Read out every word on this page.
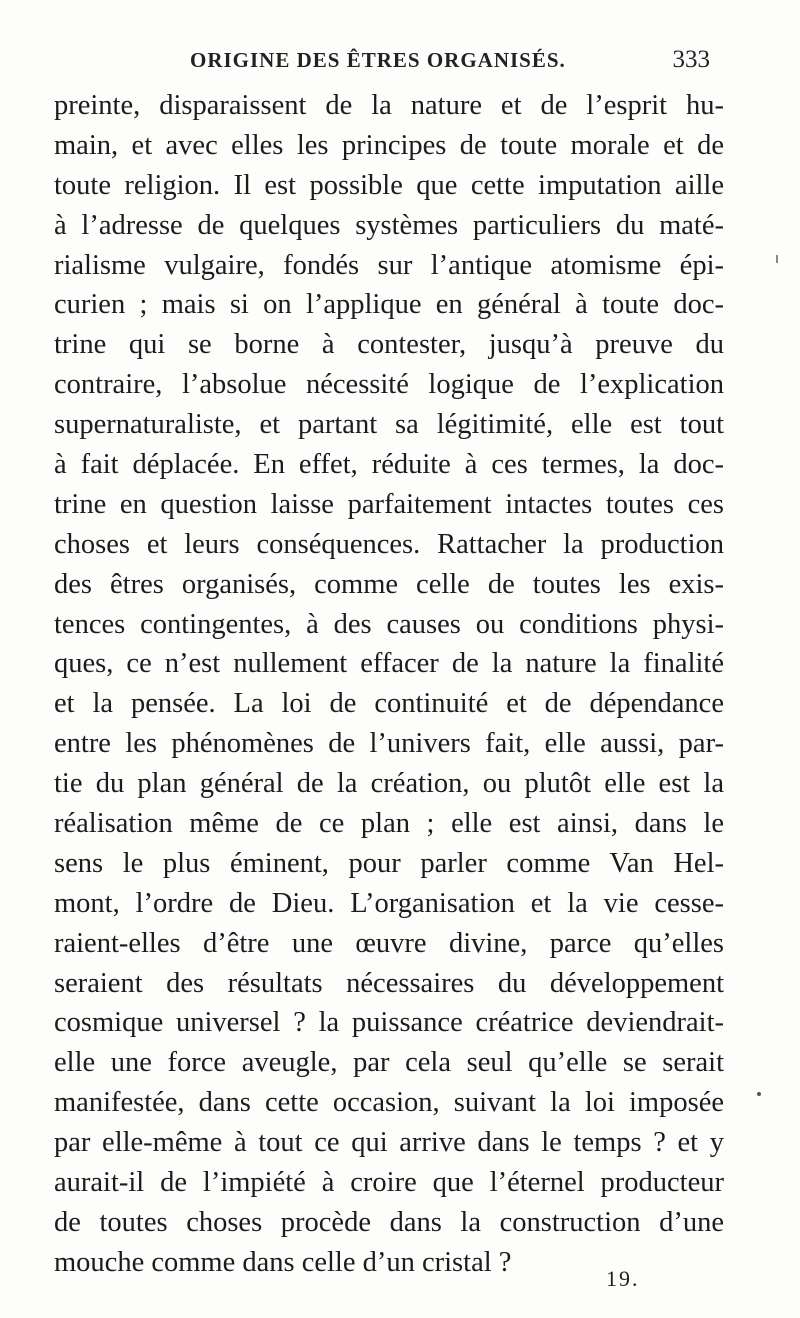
ORIGINE DES ÊTRES ORGANISÉS.	333
preinte, disparaissent de la nature et de l’esprit hu-
main, et avec elles les principes de toute morale et de
toute religion. Il est possible que cette imputation aille
à l’adresse de quelques systèmes particuliers du maté-
rialisme vulgaire, fondés sur l’antique atomisme épi-
curien ; mais si on l’applique en général à toute doc-
trine qui se borne à contester, jusqu’à preuve du
contraire, l’absolue nécessité logique de l’explication
supernaturaliste, et partant sa légitimité, elle est tout
à fait déplacée. En effet, réduite à ces termes, la doc-
trine en question laisse parfaitement intactes toutes ces
choses et leurs conséquences. Rattacher la production
des êtres organisés, comme celle de toutes les exis-
tences contingentes, à des causes ou conditions physi-
ques, ce n’est nullement effacer de la nature la finalité
et la pensée. La loi de continuité et de dépendance
entre les phénomènes de l’univers fait, elle aussi, par-
tie du plan général de la création, ou plutôt elle est la
réalisation même de ce plan ; elle est ainsi, dans le
sens le plus éminent, pour parler comme Van Hel-
mont, l’ordre de Dieu. L’organisation et la vie cesse-
raient-elles d’être une œuvre divine, parce qu’elles
seraient des résultats nécessaires du développement
cosmique universel ? la puissance créatrice deviendrait-
elle une force aveugle, par cela seul qu’elle se serait
manifestée, dans cette occasion, suivant la loi imposée
par elle-même à tout ce qui arrive dans le temps ? et y
aurait-il de l’impiété à croire que l’éternel producteur
de toutes choses procède dans la construction d’une
mouche comme dans celle d’un cristal ?
19.
